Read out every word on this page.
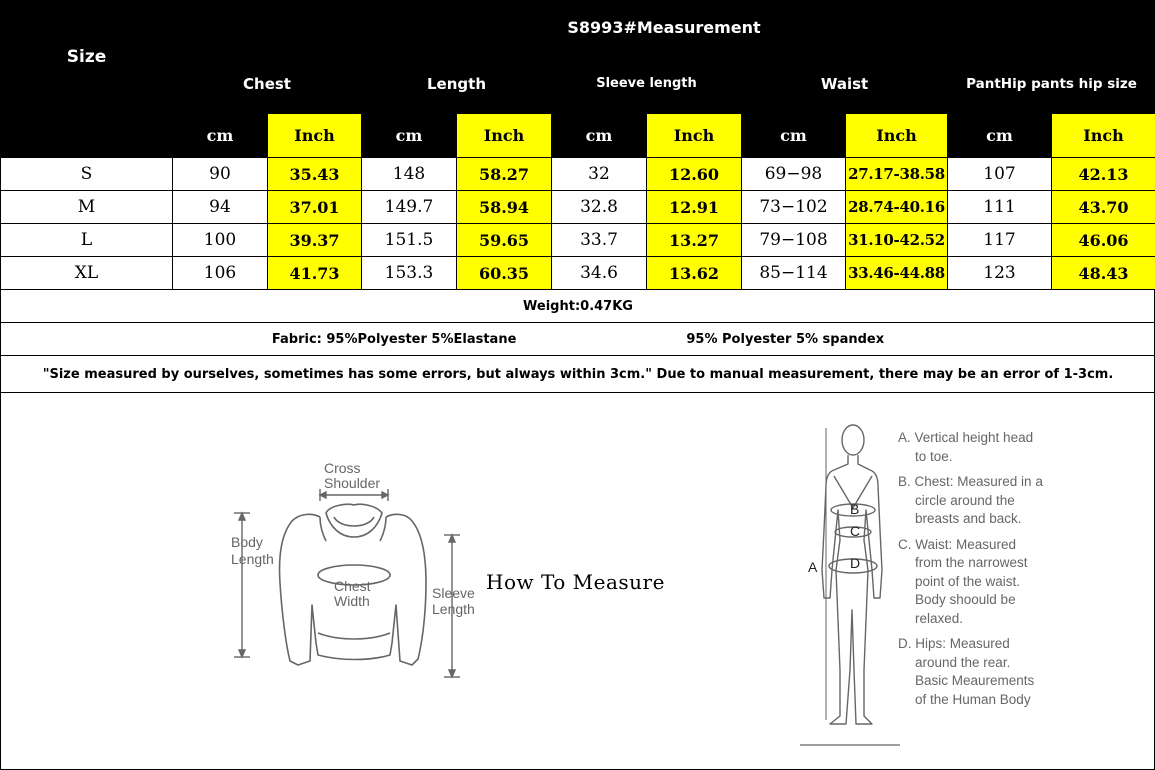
Size	S8993#Measurement									
	Chest		Length		Sleeve length		Waist		PantHip pants hip size	
	cm	Inch	cm	Inch	cm	Inch	cm	Inch	cm	Inch
S	90	35.43	148	58.27	32	12.60	69−98	27.17-38.58	107	42.13
M	94	37.01	149.7	58.94	32.8	12.91	73−102	28.74-40.16	111	43.70
L	100	39.37	151.5	59.65	33.7	13.27	79−108	31.10-42.52	117	46.06
XL	106	41.73	153.3	60.35	34.6	13.62	85−114	33.46-44.88	123	48.43
Weight:0.47KG										

Fabric: 95%Polyester 5%Elastane 95% Polyester 5% spandex										

"Size measured by ourselves, sometimes has some errors, but always within 3cm." Due to manual measurement, there may be an error of 1-3cm.										
Cross
Shoulder
Body
Length
Chest
Width	Sleeve
Length
How To Measure
A
B
C
D

A. Vertical height head
to toe.

B. Chest: Measured in a
circle around the
breasts and back.

C. Waist: Measured
from the narrowest
point of the waist.
Body shoould be
relaxed.

D. Hips: Measured
around the rear.
Basic Meaurements
of the Human Body
